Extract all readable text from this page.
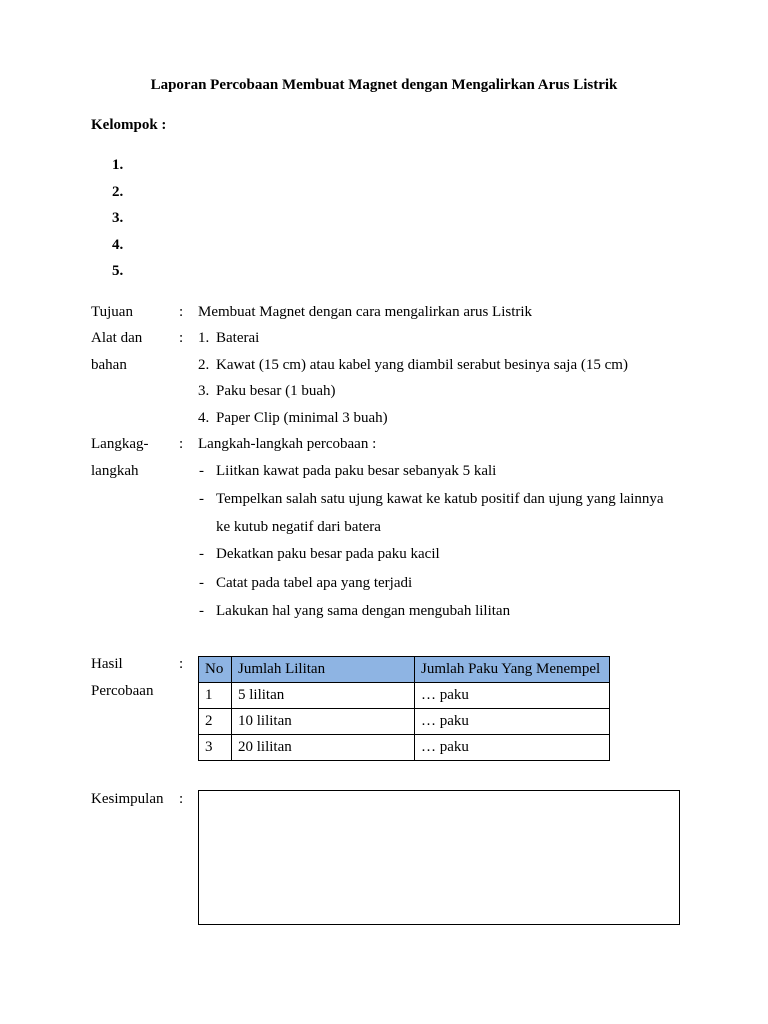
Laporan Percobaan Membuat Magnet dengan Mengalirkan Arus Listrik
Kelompok :
1.
2.
3.
4.
5.
Tujuan	: Membuat Magnet dengan cara mengalirkan arus Listrik
Alat dan
bahan
: 1. Baterai
2. Kawat (15 cm) atau kabel yang diambil serabut besinya saja (15 cm)
3. Paku besar (1 buah)
4. Paper Clip (minimal 3 buah)
Langkag-
langkah
: Langkah-langkah percobaan :
- Liitkan kawat pada paku besar sebanyak 5 kali
- Tempelkan salah satu ujung kawat ke katub positif dan ujung yang lainnya
ke kutub negatif dari batera
- Dekatkan paku besar pada paku kacil
- Catat pada tabel apa yang terjadi
- Lakukan hal yang sama dengan mengubah lilitan
Hasil
Percobaan
: No	Jumlah Lilitan	Jumlah Paku Yang Menempel
1	5 lilitan	… paku
2	10 lilitan	… paku
3	20 lilitan	… paku
Kesimpulan :
